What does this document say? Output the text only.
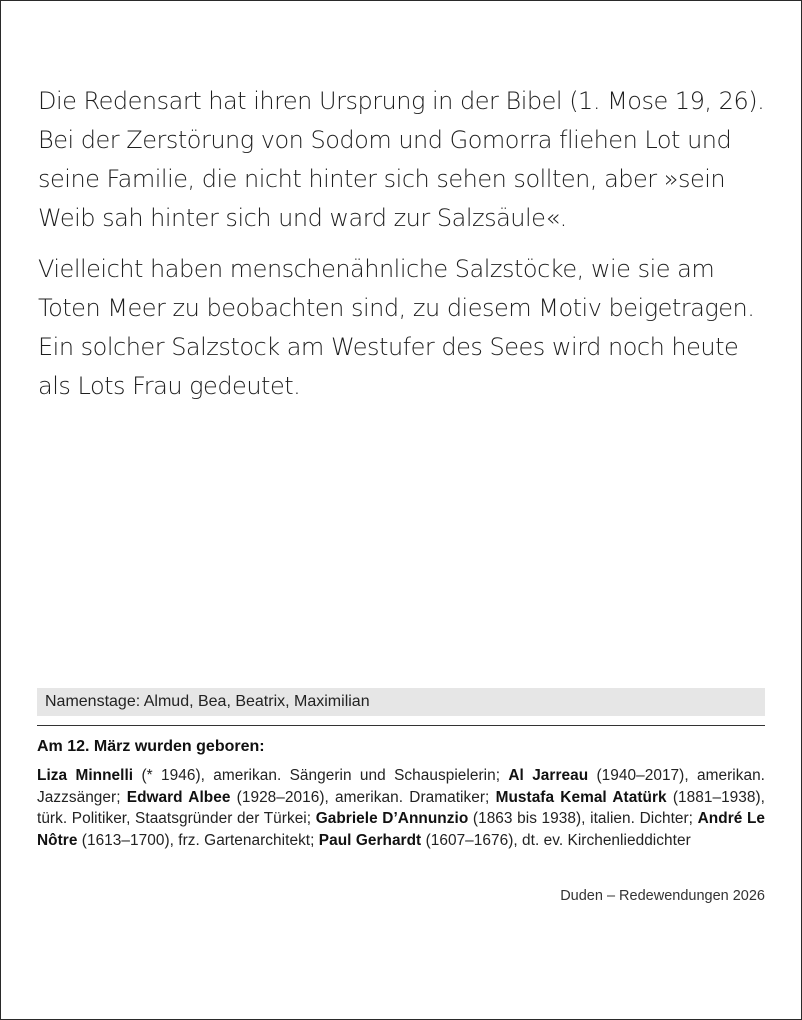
Die Redensart hat ihren Ursprung in der Bibel (1. Mose 19, 26). Bei der Zerstörung von Sodom und Gomorra fliehen Lot und seine Familie, die nicht hinter sich sehen sollten, aber »sein Weib sah hinter sich und ward zur Salzsäule«.

Vielleicht haben menschenähnliche Salzstöcke, wie sie am Toten Meer zu beobachten sind, zu diesem Motiv beigetragen. Ein solcher Salzstock am Westufer des Sees wird noch heute als Lots Frau gedeutet.

Namenstage: Almud, Bea, Beatrix, Maximilian
Am 12. März wurden geboren:
Liza Minnelli (* 1946), amerikan. Sängerin und Schauspielerin; Al Jarreau (1940–2017), amerikan. Jazzsänger; Edward Albee (1928–2016), amerikan. Dramatiker; Mustafa Kemal Atatürk (1881–1938), türk. Politiker, Staatsgründer der Türkei; Gabriele D’Annunzio (1863 bis 1938), italien. Dichter; André Le Nôtre (1613–1700), frz. Gartenarchitekt; Paul Gerhardt (1607–1676), dt. ev. Kirchenlieddichter
Duden – Redewendungen 2026
